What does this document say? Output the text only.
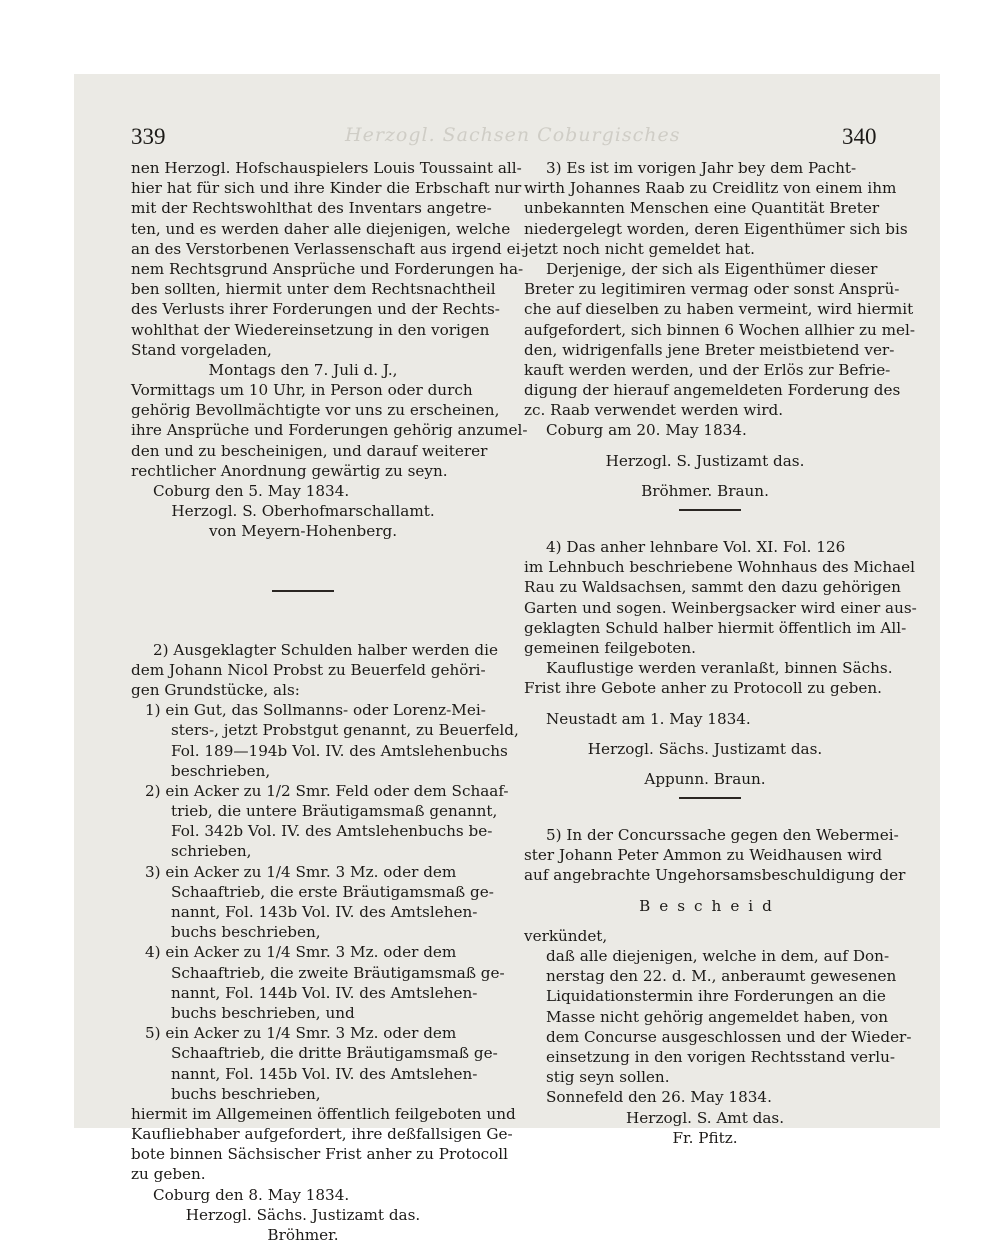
Herzogl. Sachsen Coburgisches
339	340
nen Herzogl. Hofschauspielers Louis Toussaint all-
hier hat für sich und ihre Kinder die Erbschaft nur
mit der Rechtswohlthat des Inventars angetre-
ten, und es werden daher alle diejenigen, welche
an des Verstorbenen Verlassenschaft aus irgend ei-
nem Rechtsgrund Ansprüche und Forderungen ha-
ben sollten, hiermit unter dem Rechtsnachtheil
des Verlusts ihrer Forderungen und der Rechts-
wohlthat der Wiedereinsetzung in den vorigen
Stand vorgeladen,
Montags den 7. Juli d. J.,
Vormittags um 10 Uhr, in Person oder durch
gehörig Bevollmächtigte vor uns zu erscheinen,
ihre Ansprüche und Forderungen gehörig anzumel-
den und zu bescheinigen, und darauf weiterer
rechtlicher Anordnung gewärtig zu seyn.
Coburg den 5. May 1834.
Herzogl. S. Oberhofmarschallamt.
von Meyern-Hohenberg.
2) Ausgeklagter Schulden halber werden die
dem Johann Nicol Probst zu Beuerfeld gehöri-
gen Grundstücke, als:
1) ein Gut, das Sollmanns- oder Lorenz-Mei-
sters-, jetzt Probstgut genannt, zu Beuerfeld,
Fol. 189—194b Vol. IV. des Amtslehenbuchs
beschrieben,
2) ein Acker zu 1/2 Smr. Feld oder dem Schaaf-
trieb, die untere Bräutigamsmaß genannt,
Fol. 342b Vol. IV. des Amtslehenbuchs be-
schrieben,
3) ein Acker zu 1/4 Smr. 3 Mz. oder dem
Schaaftrieb, die erste Bräutigamsmaß ge-
nannt, Fol. 143b Vol. IV. des Amtslehen-
buchs beschrieben,
4) ein Acker zu 1/4 Smr. 3 Mz. oder dem
Schaaftrieb, die zweite Bräutigamsmaß ge-
nannt, Fol. 144b Vol. IV. des Amtslehen-
buchs beschrieben, und
5) ein Acker zu 1/4 Smr. 3 Mz. oder dem
Schaaftrieb, die dritte Bräutigamsmaß ge-
nannt, Fol. 145b Vol. IV. des Amtslehen-
buchs beschrieben,
hiermit im Allgemeinen öffentlich feilgeboten und
Kaufliebhaber aufgefordert, ihre deßfallsigen Ge-
bote binnen Sächsischer Frist anher zu Protocoll
zu geben.
Coburg den 8. May 1834.
Herzogl. Sächs. Justizamt das.
Bröhmer.
3) Es ist im vorigen Jahr bey dem Pacht-
wirth Johannes Raab zu Creidlitz von einem ihm
unbekannten Menschen eine Quantität Breter
niedergelegt worden, deren Eigenthümer sich bis
jetzt noch nicht gemeldet hat.
Derjenige, der sich als Eigenthümer dieser
Breter zu legitimiren vermag oder sonst Ansprü-
che auf dieselben zu haben vermeint, wird hiermit
aufgefordert, sich binnen 6 Wochen allhier zu mel-
den, widrigenfalls jene Breter meistbietend ver-
kauft werden werden, und der Erlös zur Befrie-
digung der hierauf angemeldeten Forderung des
zc. Raab verwendet werden wird.
Coburg am 20. May 1834.
Herzogl. S. Justizamt das.
Bröhmer. Braun.
4) Das anher lehnbare Vol. XI. Fol. 126
im Lehnbuch beschriebene Wohnhaus des Michael
Rau zu Waldsachsen, sammt den dazu gehörigen
Garten und sogen. Weinbergsacker wird einer aus-
geklagten Schuld halber hiermit öffentlich im All-
gemeinen feilgeboten.
Kauflustige werden veranlaßt, binnen Sächs.
Frist ihre Gebote anher zu Protocoll zu geben.
Neustadt am 1. May 1834.
Herzogl. Sächs. Justizamt das.
Appunn. Braun.
5) In der Concurssache gegen den Webermei-
ster Johann Peter Ammon zu Weidhausen wird
auf angebrachte Ungehorsamsbeschuldigung der
Bescheid
verkündet,
daß alle diejenigen, welche in dem, auf Don-
nerstag den 22. d. M., anberaumt gewesenen
Liquidationstermin ihre Forderungen an die
Masse nicht gehörig angemeldet haben, von
dem Concurse ausgeschlossen und der Wieder-
einsetzung in den vorigen Rechtsstand verlu-
stig seyn sollen.
Sonnefeld den 26. May 1834.
Herzogl. S. Amt das.
Fr. Pfitz.
